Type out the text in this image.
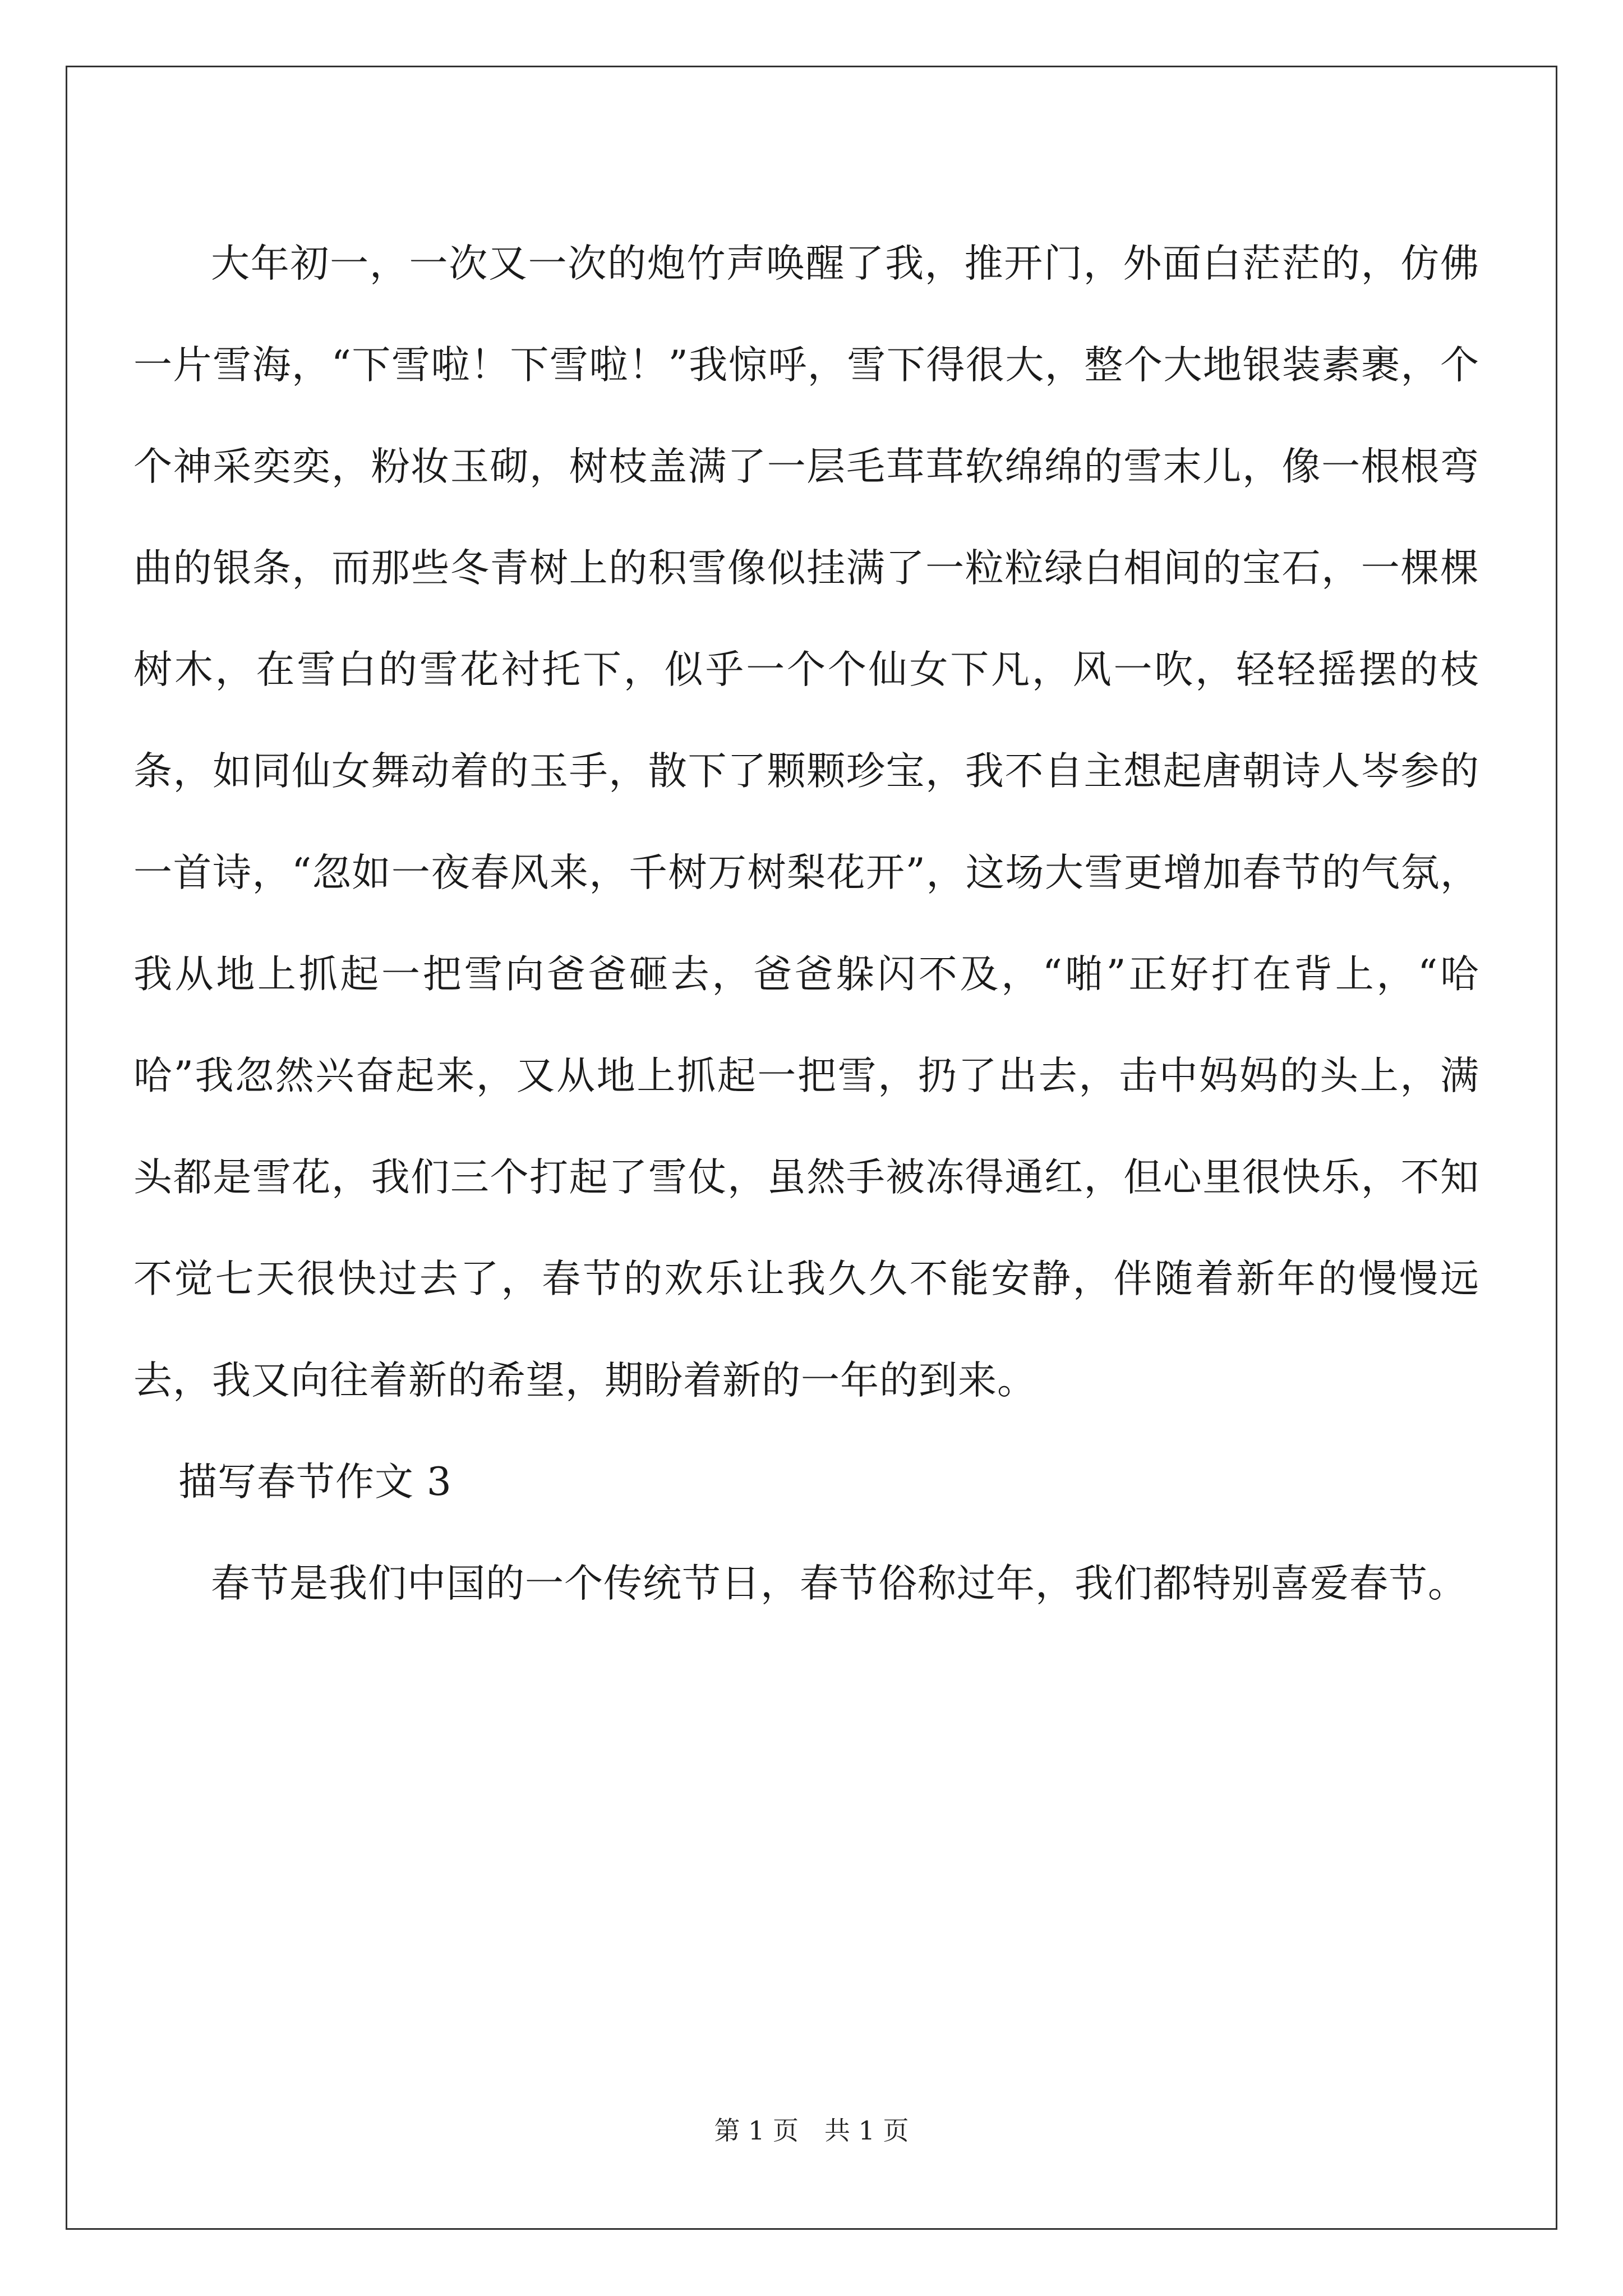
大年初一，一次又一次的炮竹声唤醒了我，推开门，外面白茫茫的，仿佛一片雪海，“下雪啦！下雪啦！”我惊呼，雪下得很大，整个大地银装素裹，个个神采奕奕，粉妆玉砌，树枝盖满了一层毛茸茸软绵绵的雪末儿，像一根根弯曲的银条，而那些冬青树上的积雪像似挂满了一粒粒绿白相间的宝石，一棵棵树木，在雪白的雪花衬托下，似乎一个个仙女下凡，风一吹，轻轻摇摆的枝条，如同仙女舞动着的玉手，散下了颗颗珍宝，我不自主想起唐朝诗人岑参的一首诗，“忽如一夜春风来，千树万树梨花开”，这场大雪更增加春节的气氛，我从地上抓起一把雪向爸爸砸去，爸爸躲闪不及，“啪”正好打在背上，“哈哈”我忽然兴奋起来，又从地上抓起一把雪，扔了出去，击中妈妈的头上，满头都是雪花，我们三个打起了雪仗，虽然手被冻得通红，但心里很快乐，不知不觉七天很快过去了，春节的欢乐让我久久不能安静，伴随着新年的慢慢远去，我又向往着新的希望，期盼着新的一年的到来。

描写春节作文 3

春节是我们中国的一个传统节日，春节俗称过年，我们都特别喜爱春节。

第 1 页　共 1 页
